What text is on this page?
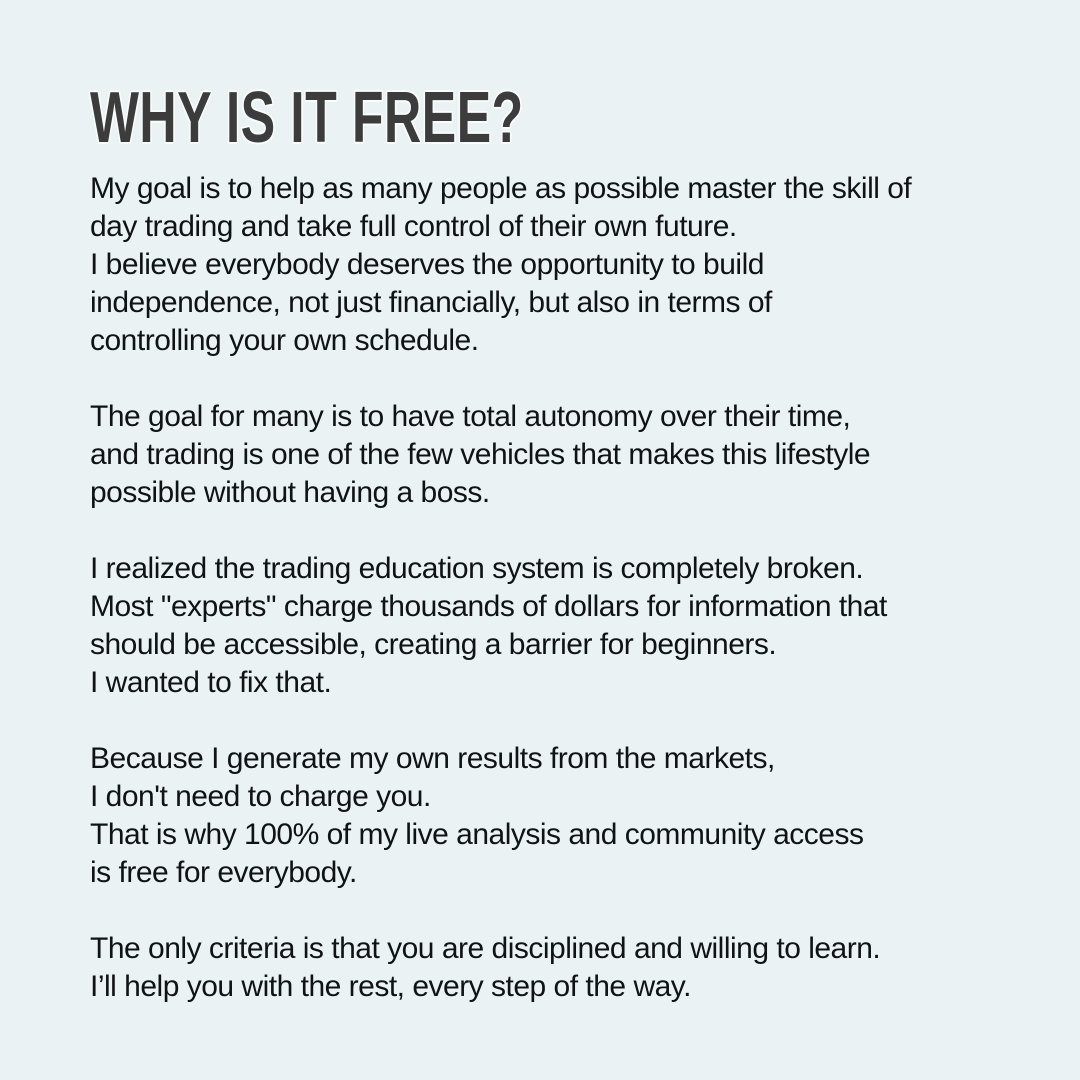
WHY IS IT FREE?
My goal is to help as many people as possible master the skill of
day trading and take full control of their own future.
I believe everybody deserves the opportunity to build
independence, not just financially, but also in terms of
controlling your own schedule.
The goal for many is to have total autonomy over their time,
and trading is one of the few vehicles that makes this lifestyle
possible without having a boss.
I realized the trading education system is completely broken.
Most "experts" charge thousands of dollars for information that
should be accessible, creating a barrier for beginners.
I wanted to fix that.
Because I generate my own results from the markets,
I don't need to charge you.
That is why 100% of my live analysis and community access
is free for everybody.
The only criteria is that you are disciplined and willing to learn.
I’ll help you with the rest, every step of the way.
